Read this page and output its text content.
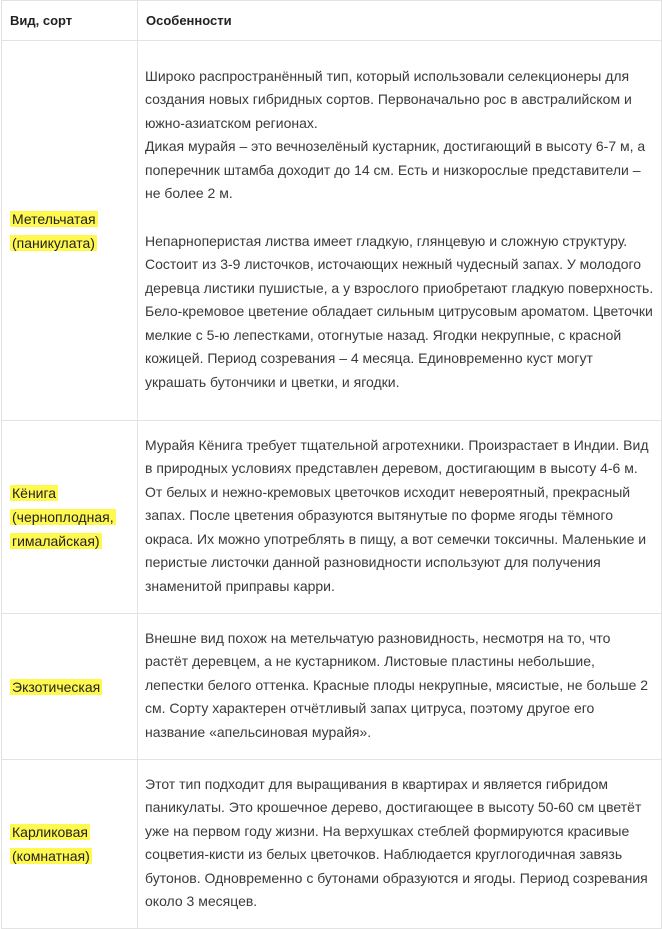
Вид, сорт	Особенности
Метельчатая (паникулата)	Широко распространённый тип, который использовали селекционеры для создания новых гибридных сортов. Первоначально рос в австралийском и южно-азиатском регионах.
Дикая мурайя – это вечнозелёный кустарник, достигающий в высоту 6-7 м, а поперечник штамба доходит до 14 см. Есть и низкорослые представители – не более 2 м.
Непарноперистая листва имеет гладкую, глянцевую и сложную структуру. Состоит из 3-9 листочков, источающих нежный чудесный запах. У молодого деревца листики пушистые, а у взрослого приобретают гладкую поверхность. Бело-кремовое цветение обладает сильным цитрусовым ароматом. Цветочки мелкие с 5-ю лепестками, отогнутые назад. Ягодки некрупные, с красной кожицей. Период созревания – 4 месяца. Единовременно куст могут украшать бутончики и цветки, и ягодки.

Кёнига (черноплодная, гималайская)	Мурайя Кёнига требует тщательной агротехники. Произрастает в Индии. Вид в природных условиях представлен деревом, достигающим в высоту 4-6 м. От белых и нежно-кремовых цветочков исходит невероятный, прекрасный запах. После цветения образуются вытянутые по форме ягоды тёмного окраса. Их можно употреблять в пищу, а вот семечки токсичны. Маленькие и перистые листочки данной разновидности используют для получения знаменитой приправы карри.

Экзотическая	Внешне вид похож на метельчатую разновидность, несмотря на то, что растёт деревцем, а не кустарником. Листовые пластины небольшие, лепестки белого оттенка. Красные плоды некрупные, мясистые, не больше 2 см. Сорту характерен отчётливый запах цитруса, поэтому другое его название «апельсиновая мурайя».

Карликовая (комнатная)	Этот тип подходит для выращивания в квартирах и является гибридом паникулаты. Это крошечное дерево, достигающее в высоту 50-60 см цветёт уже на первом году жизни. На верхушках стеблей формируются красивые соцветия-кисти из белых цветочков. Наблюдается круглогодичная завязь бутонов. Одновременно с бутонами образуются и ягоды. Период созревания около 3 месяцев.
